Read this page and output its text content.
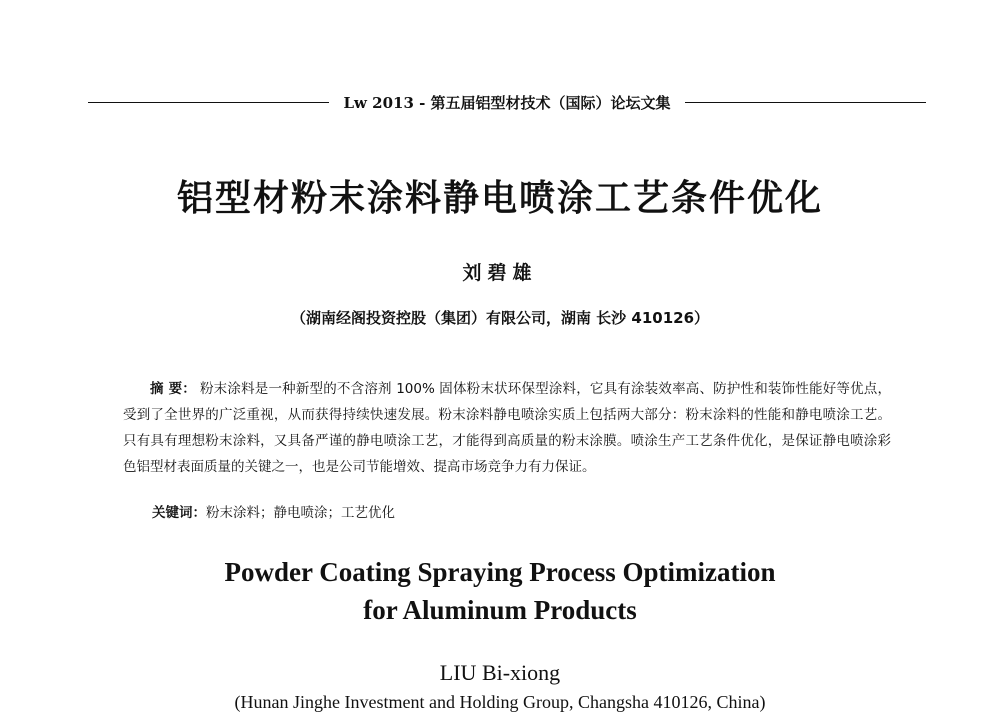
Lw 2013 - 第五届铝型材技术（国际）论坛文集
铝型材粉末涂料静电喷涂工艺条件优化
刘碧雄
（湖南经阁投资控股（集团）有限公司，湖南 长沙 410126）

摘 要： 粉末涂料是一种新型的不含溶剂 100% 固体粉末状环保型涂料，它具有涂装效率高、防护性和装饰性能好等优点，受到了全世界的广泛重视，从而获得持续快速发展。粉末涂料静电喷涂实质上包括两大部分：粉末涂料的性能和静电喷涂工艺。只有具有理想粉末涂料，又具备严谨的静电喷涂工艺，才能得到高质量的粉末涂膜。喷涂生产工艺条件优化，是保证静电喷涂彩色铝型材表面质量的关键之一，也是公司节能增效、提高市场竞争力有力保证。

关键词：粉末涂料；静电喷涂；工艺优化
Powder Coating Spraying Process Optimization
for Aluminum Products
LIU Bi-xiong
(Hunan Jinghe Investment and Holding Group, Changsha 410126, China)
